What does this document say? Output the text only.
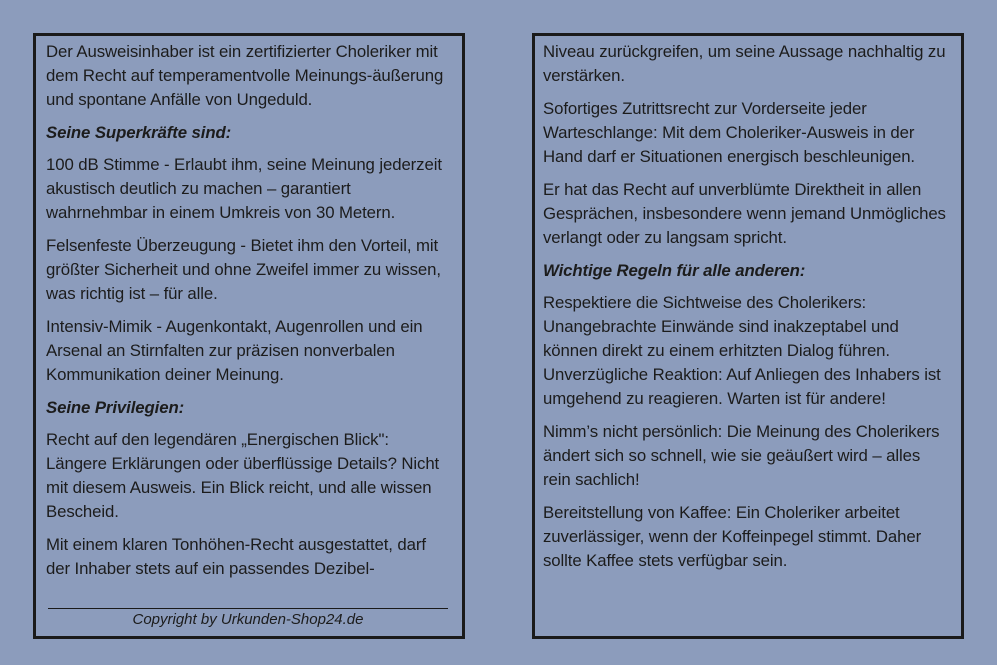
Der Ausweisinhaber ist ein zertifizierter Choleriker mit dem Recht auf temperamentvolle Meinungs-äußerung und spontane Anfälle von Ungeduld.

Seine Superkräfte sind:

100 dB Stimme - Erlaubt ihm, seine Meinung jederzeit akustisch deutlich zu machen – garantiert wahrnehmbar in einem Umkreis von 30 Metern.

Felsenfeste Überzeugung - Bietet ihm den Vorteil, mit größter Sicherheit und ohne Zweifel immer zu wissen, was richtig ist – für alle.

Intensiv-Mimik - Augenkontakt, Augenrollen und ein Arsenal an Stirnfalten zur präzisen nonverbalen Kommunikation deiner Meinung.

Seine Privilegien:

Recht auf den legendären „Energischen Blick": Längere Erklärungen oder überflüssige Details? Nicht mit diesem Ausweis. Ein Blick reicht, und alle wissen Bescheid.

Mit einem klaren Tonhöhen-Recht ausgestattet, darf der Inhaber stets auf ein passendes Dezibel-

Copyright by Urkunden-Shop24.de

Niveau zurückgreifen, um seine Aussage nachhaltig zu verstärken.

Sofortiges Zutrittsrecht zur Vorderseite jeder Warteschlange: Mit dem Choleriker-Ausweis in der Hand darf er Situationen energisch beschleunigen.

Er hat das Recht auf unverblümte Direktheit in allen Gesprächen, insbesondere wenn jemand Unmögliches verlangt oder zu langsam spricht.

Wichtige Regeln für alle anderen:

Respektiere die Sichtweise des Cholerikers: Unangebrachte Einwände sind inakzeptabel und können direkt zu einem erhitzten Dialog führen.

Unverzügliche Reaktion: Auf Anliegen des Inhabers ist umgehend zu reagieren. Warten ist für andere!

Nimm’s nicht persönlich: Die Meinung des Cholerikers ändert sich so schnell, wie sie geäußert wird – alles rein sachlich!

Bereitstellung von Kaffee: Ein Choleriker arbeitet zuverlässiger, wenn der Koffeinpegel stimmt. Daher sollte Kaffee stets verfügbar sein.
